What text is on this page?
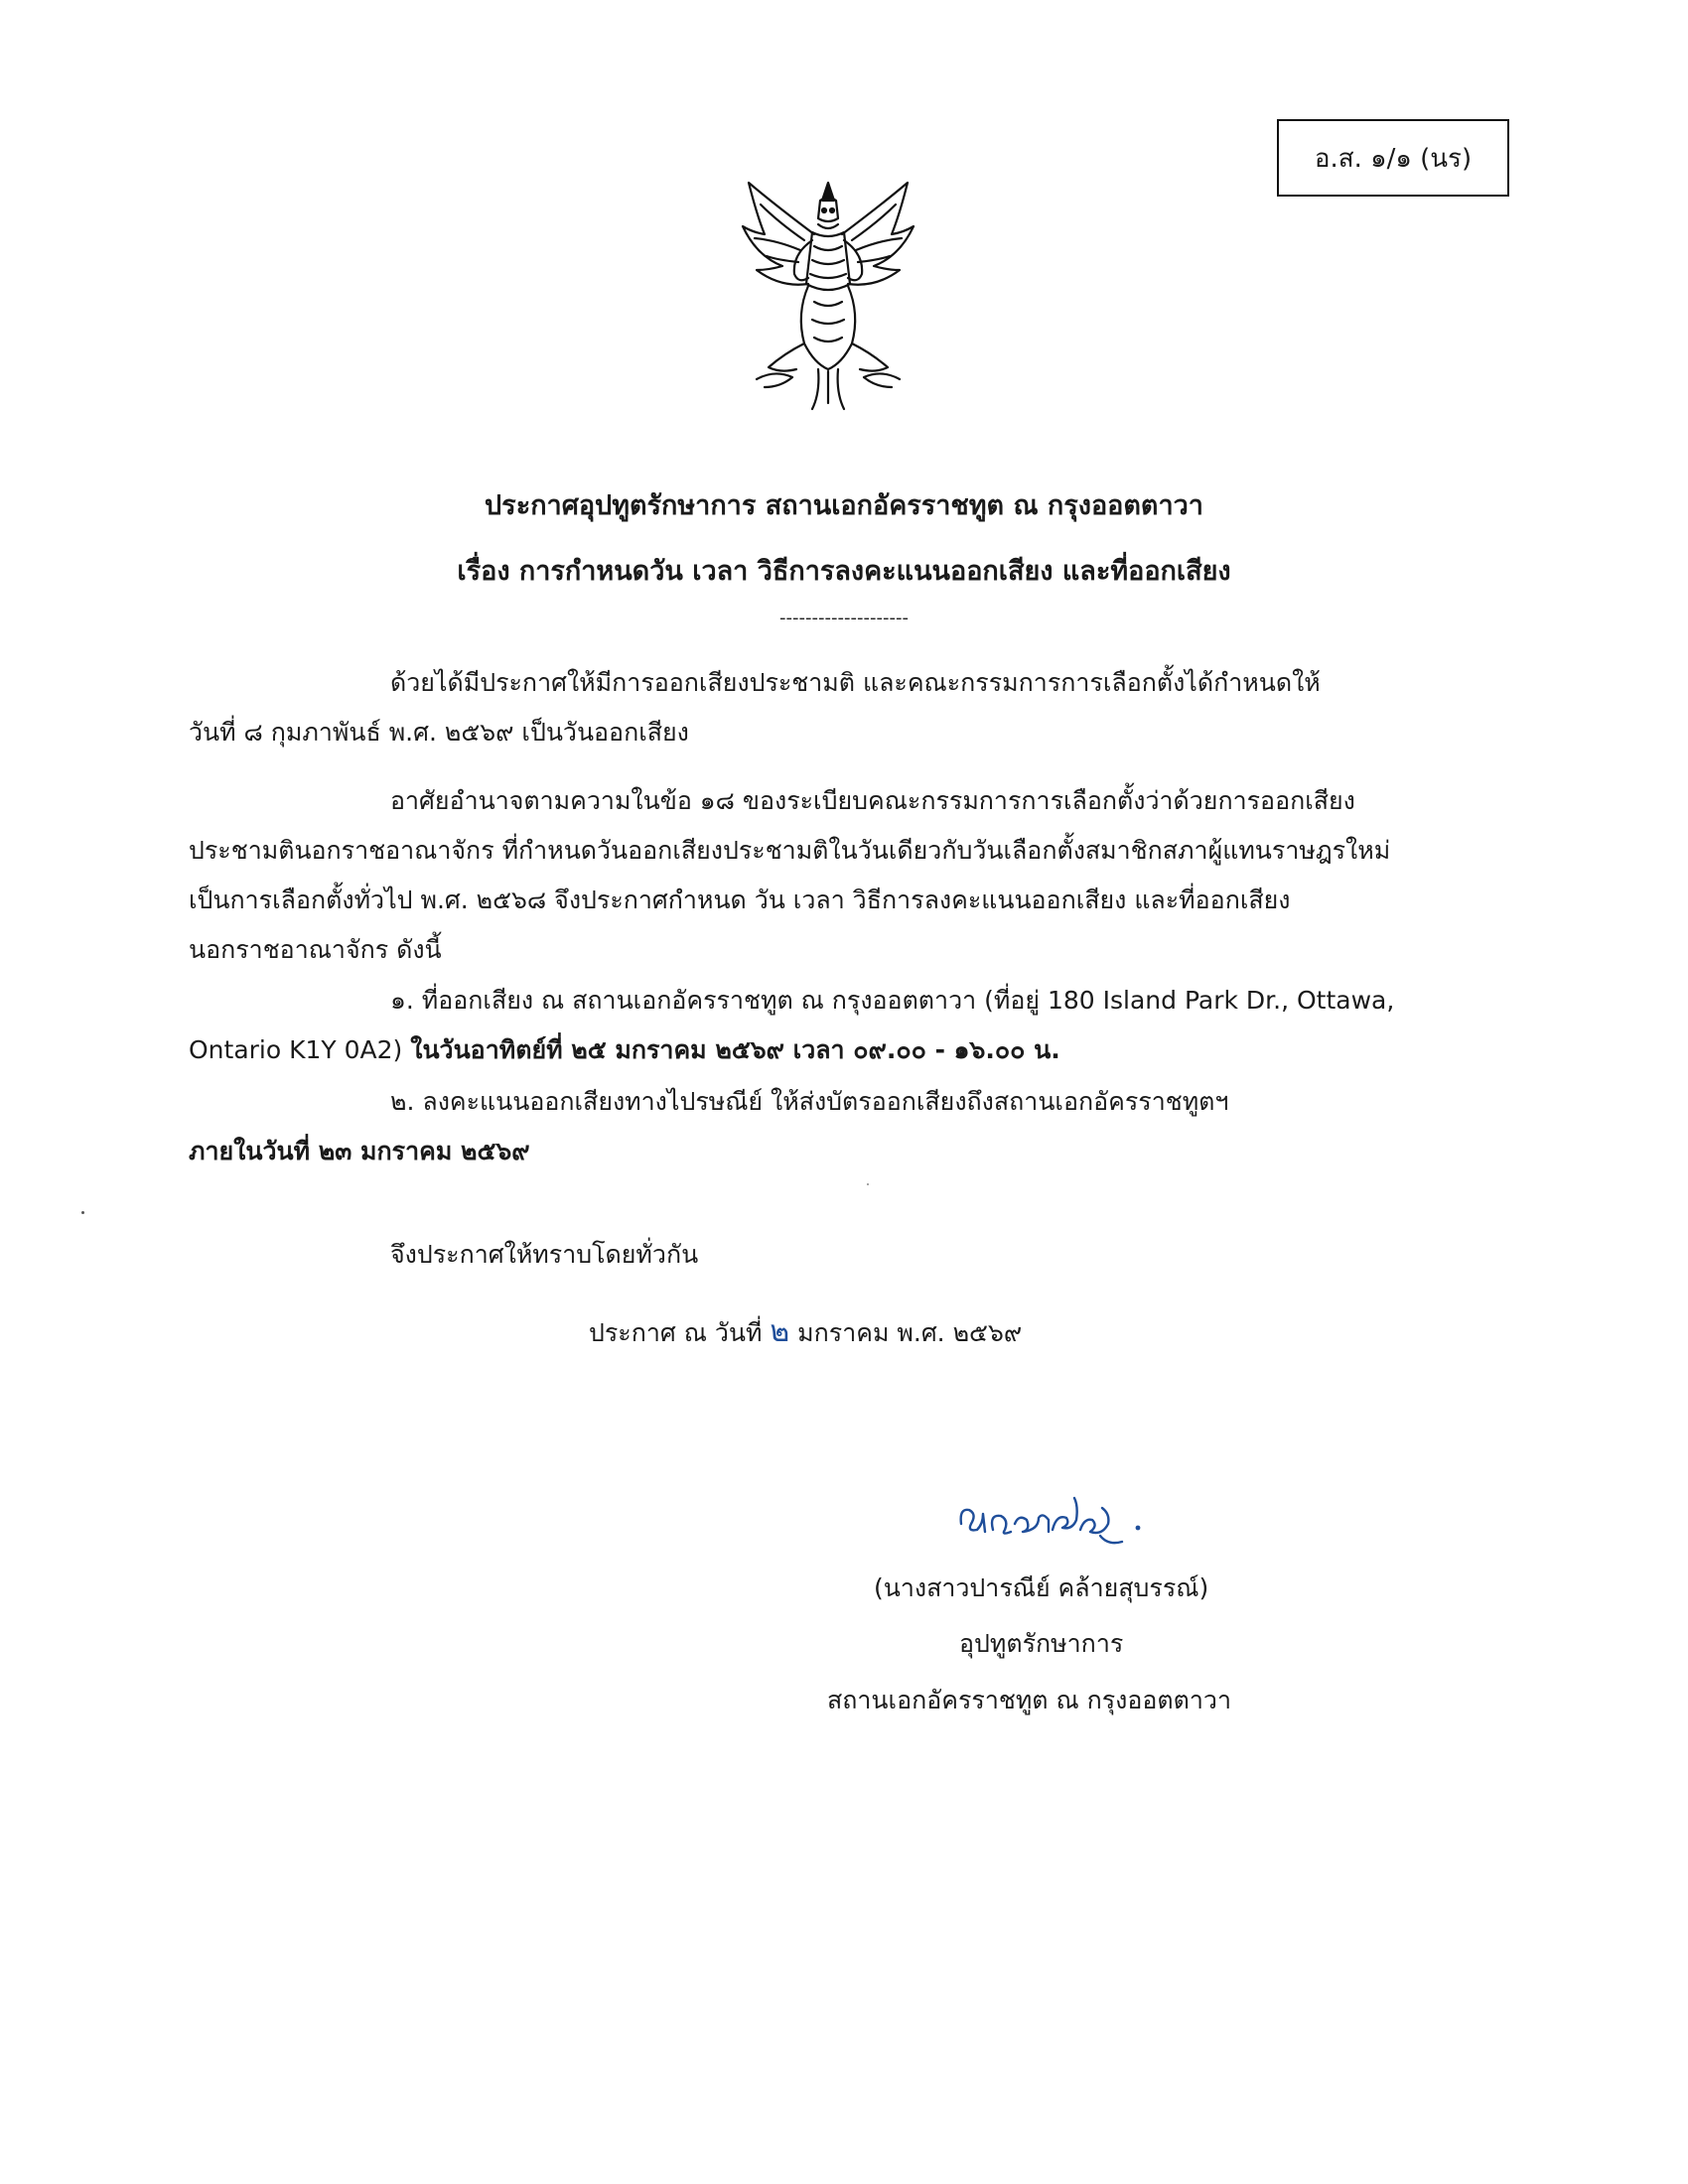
อ.ส. ๑/๑ (นร)
ประกาศอุปทูตรักษาการ สถานเอกอัครราชทูต ณ กรุงออตตาวา
เรื่อง การกำหนดวัน เวลา วิธีการลงคะแนนออกเสียง และที่ออกเสียง
--------------------
ด้วยได้มีประกาศให้มีการออกเสียงประชามติ และคณะกรรมการการเลือกตั้งได้กำหนดให้
วันที่ ๘ กุมภาพันธ์ พ.ศ. ๒๕๖๙ เป็นวันออกเสียง
อาศัยอำนาจตามความในข้อ ๑๘ ของระเบียบคณะกรรมการการเลือกตั้งว่าด้วยการออกเสียง
ประชามตินอกราชอาณาจักร ที่กำหนดวันออกเสียงประชามติในวันเดียวกับวันเลือกตั้งสมาชิกสภาผู้แทนราษฎรใหม่
เป็นการเลือกตั้งทั่วไป พ.ศ. ๒๕๖๘ จึงประกาศกำหนด วัน เวลา วิธีการลงคะแนนออกเสียง และที่ออกเสียง
นอกราชอาณาจักร ดังนี้
๑. ที่ออกเสียง ณ สถานเอกอัครราชทูต ณ กรุงออตตาวา (ที่อยู่ 180 Island Park Dr., Ottawa,
Ontario K1Y 0A2) ในวันอาทิตย์ที่ ๒๕ มกราคม ๒๕๖๙ เวลา ๐๙.๐๐ - ๑๖.๐๐ น.
๒. ลงคะแนนออกเสียงทางไปรษณีย์ ให้ส่งบัตรออกเสียงถึงสถานเอกอัครราชทูตฯ
ภายในวันที่ ๒๓ มกราคม ๒๕๖๙
จึงประกาศให้ทราบโดยทั่วกัน
ประกาศ ณ วันที่ ๒ มกราคม พ.ศ. ๒๕๖๙
(นางสาวปารณีย์ คล้ายสุบรรณ์)
อุปทูตรักษาการ
สถานเอกอัครราชทูต ณ กรุงออตตาวา
